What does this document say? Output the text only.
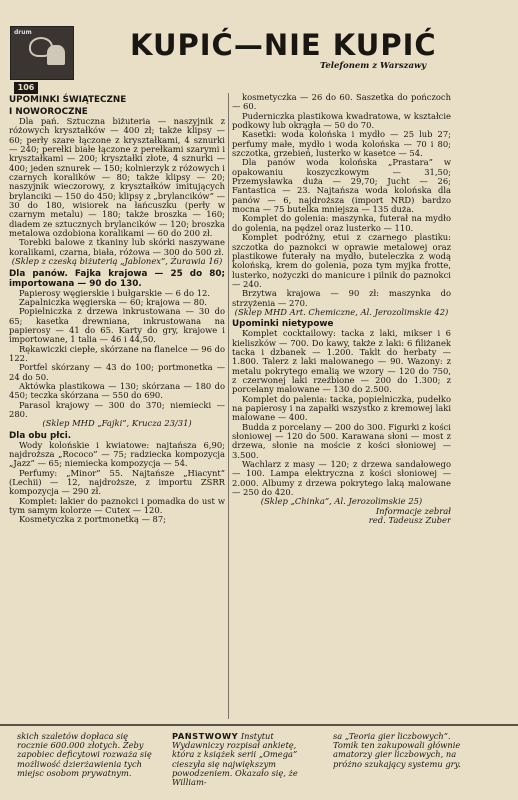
drum
106
KUPIĆ—NIE KUPIĆ
Telefonem z Warszawy

UPOMINKI ŚWIĄTECZNE

I NOWOROCZNE

Dla pań. Sztuczna biżuteria — naszyjnik z różowych kryształków — 400 zł; także klipsy — 60; perły szare łączone z kryształkami, 4 sznurki — 240; perełki białe łączone z perełkami szarymi i kryształkami — 200; kryształki złote, 4 sznurki — 400; jeden sznurek — 150; kolnierzyk z różowych i czarnych koralików — 80; także klipsy — 20; naszyjnik wieczorowy, z kryształków imitujących brylanciki — 150 do 450; klipsy z „brylancików” — 30 do 180, wisiorek na łańcuszku (perły w czarnym metalu) — 180; także broszka — 160; diadem ze sztucznych brylancików — 120; broszka metalowa ozdobiona koralikami — 60 do 200 zł.

Torebki balowe z tkaniny lub skórki naszywane koralikami, czarna, biała, różowa — 300 do 500 zł.

(Sklep z czeską biżuterią „Jablonex”, Żurawia 16)

Dla panów. Fajka krajowa — 25 do 80; importowana — 90 do 130.

Papierosy węgierskie i bułgarskie — 6 do 12.

Zapalniczka węgierska — 60; krajowa — 80.

Popielniczka z drzewa inkrustowana — 30 do 65; kasetka drewniana, inkrustowana na papierosy — 41 do 65. Karty do gry, krajowe i importowane, 1 talia — 46 i 44,50.

Rękawiczki ciepłe, skórzane na flanelce — 96 do 122.

Portfel skórzany — 43 do 100; portmonetka — 24 do 50.

Aktówka plastikowa — 130; skórzana — 180 do 450; teczka skórzana — 550 do 690.

Parasol krajowy — 300 do 370; niemiecki — 280.

(Sklep MHD „Fajki”, Krucza 23/31)

Dla obu płci.

Wody kolońskie i kwiatowe: najtańsza 6,90; najdroższa „Rococo” — 75; radziecka kompozycja „Jazz” — 65; niemiecka kompozycja — 54.

Perfumy: „Minor” 55. Najtańsze „Hiacynt” (Lechii) — 12, najdroższe, z importu ZSRR kompozycja — 290 zł.

Komplet: lakier do paznokci i pomadka do ust w tym samym kolorze — Cutex — 120.

Kosmetyczka z portmonetką — 87;

kosmetyczka — 26 do 60. Saszetka do pończoch — 60.

Puderniczka plastikowa kwadratowa, w kształcie podkowy lub okrągła — 50 do 70.

Kasetki: woda kolońska i mydło — 25 lub 27; perfumy małe, mydło i woda kolońska — 70 i 80; szczotka, grzebień, lusterko w kasetce — 54.

Dla panów woda kolońska „Prastara” w opakowaniu koszyczkowym — 31,50; Przemysławka duża — 29,70; Jucht — 26; Fantastica — 23. Najtańsza woda kolońska dla panów — 6, najdroższa (import NRD) bardzo mocna — 75 butelka mniejsza — 135 duża.

Komplet do golenia: maszynka, futerał na mydło do golenia, na pędzel oraz lusterko — 110.

Komplet podróżny, etui z czarnego plastiku: szczotka do paznokci w oprawie metalowej oraz plastikowe futerały na mydło, buteleczka z wodą kolońską, krem do golenia, poza tym myjka frotte, lusterko, nożyczki do manicure i pilnik do paznokci — 240.

Brzytwa krajowa — 90 zł: maszynka do strzyżenia — 270.

(Sklep MHD Art. Chemiczne, Al. Jerozolimskie 42)

Upominki nietypowe

Komplet cocktailowy: tacka z laki, mikser i 6 kieliszków — 700. Do kawy, także z laki: 6 filiżanek tacka i dzbanek — 1.200. Taklt do herbaty — 1.800. Talerz z laki malowanego — 90. Wazony: z metalu pokrytego emalią we wzory — 120 do 750, z czerwonej laki rzeźbione — 200 do 1.300; z porcelany malowane — 130 do 2.500.

Komplet do palenia: tacka, popielniczka, pudełko na papierosy i na zapałki wszystko z kremowej laki malowane — 400.

Budda z porcelany — 200 do 300. Figurki z kości słoniowej — 120 do 500. Karawana słoni — most z drzewa, słonie na moście z kości słoniowej — 3.500.

Wachlarz z masy — 120; z drzewa sandałowego — 100. Lampa elektryczna z kości słoniowej — 2.000. Albumy z drzewa pokrytego laką malowane — 250 do 420.

(Sklep „Chinka”, Al. Jerozolimskie 25)

Informacje zebrał

red. Tadeusz Zuber

skich szaletów dopłaca się rocznie 600.000 złotych. Żeby zapobiec deficytowi rozważa się możliwość dzierżawienia tych miejsc osobom prywatnym.
PAŃSTWOWY Instytut Wydawniczy rozpisał ankietę, która z książek serii „Omega” cieszyła się największym powodzeniem. Okazało się, że William-
sa „Teoria gier liczbowych”. Tomik ten zakupowali głównie amatorzy gier liczbowych, na próżno szukający systemu gry.
